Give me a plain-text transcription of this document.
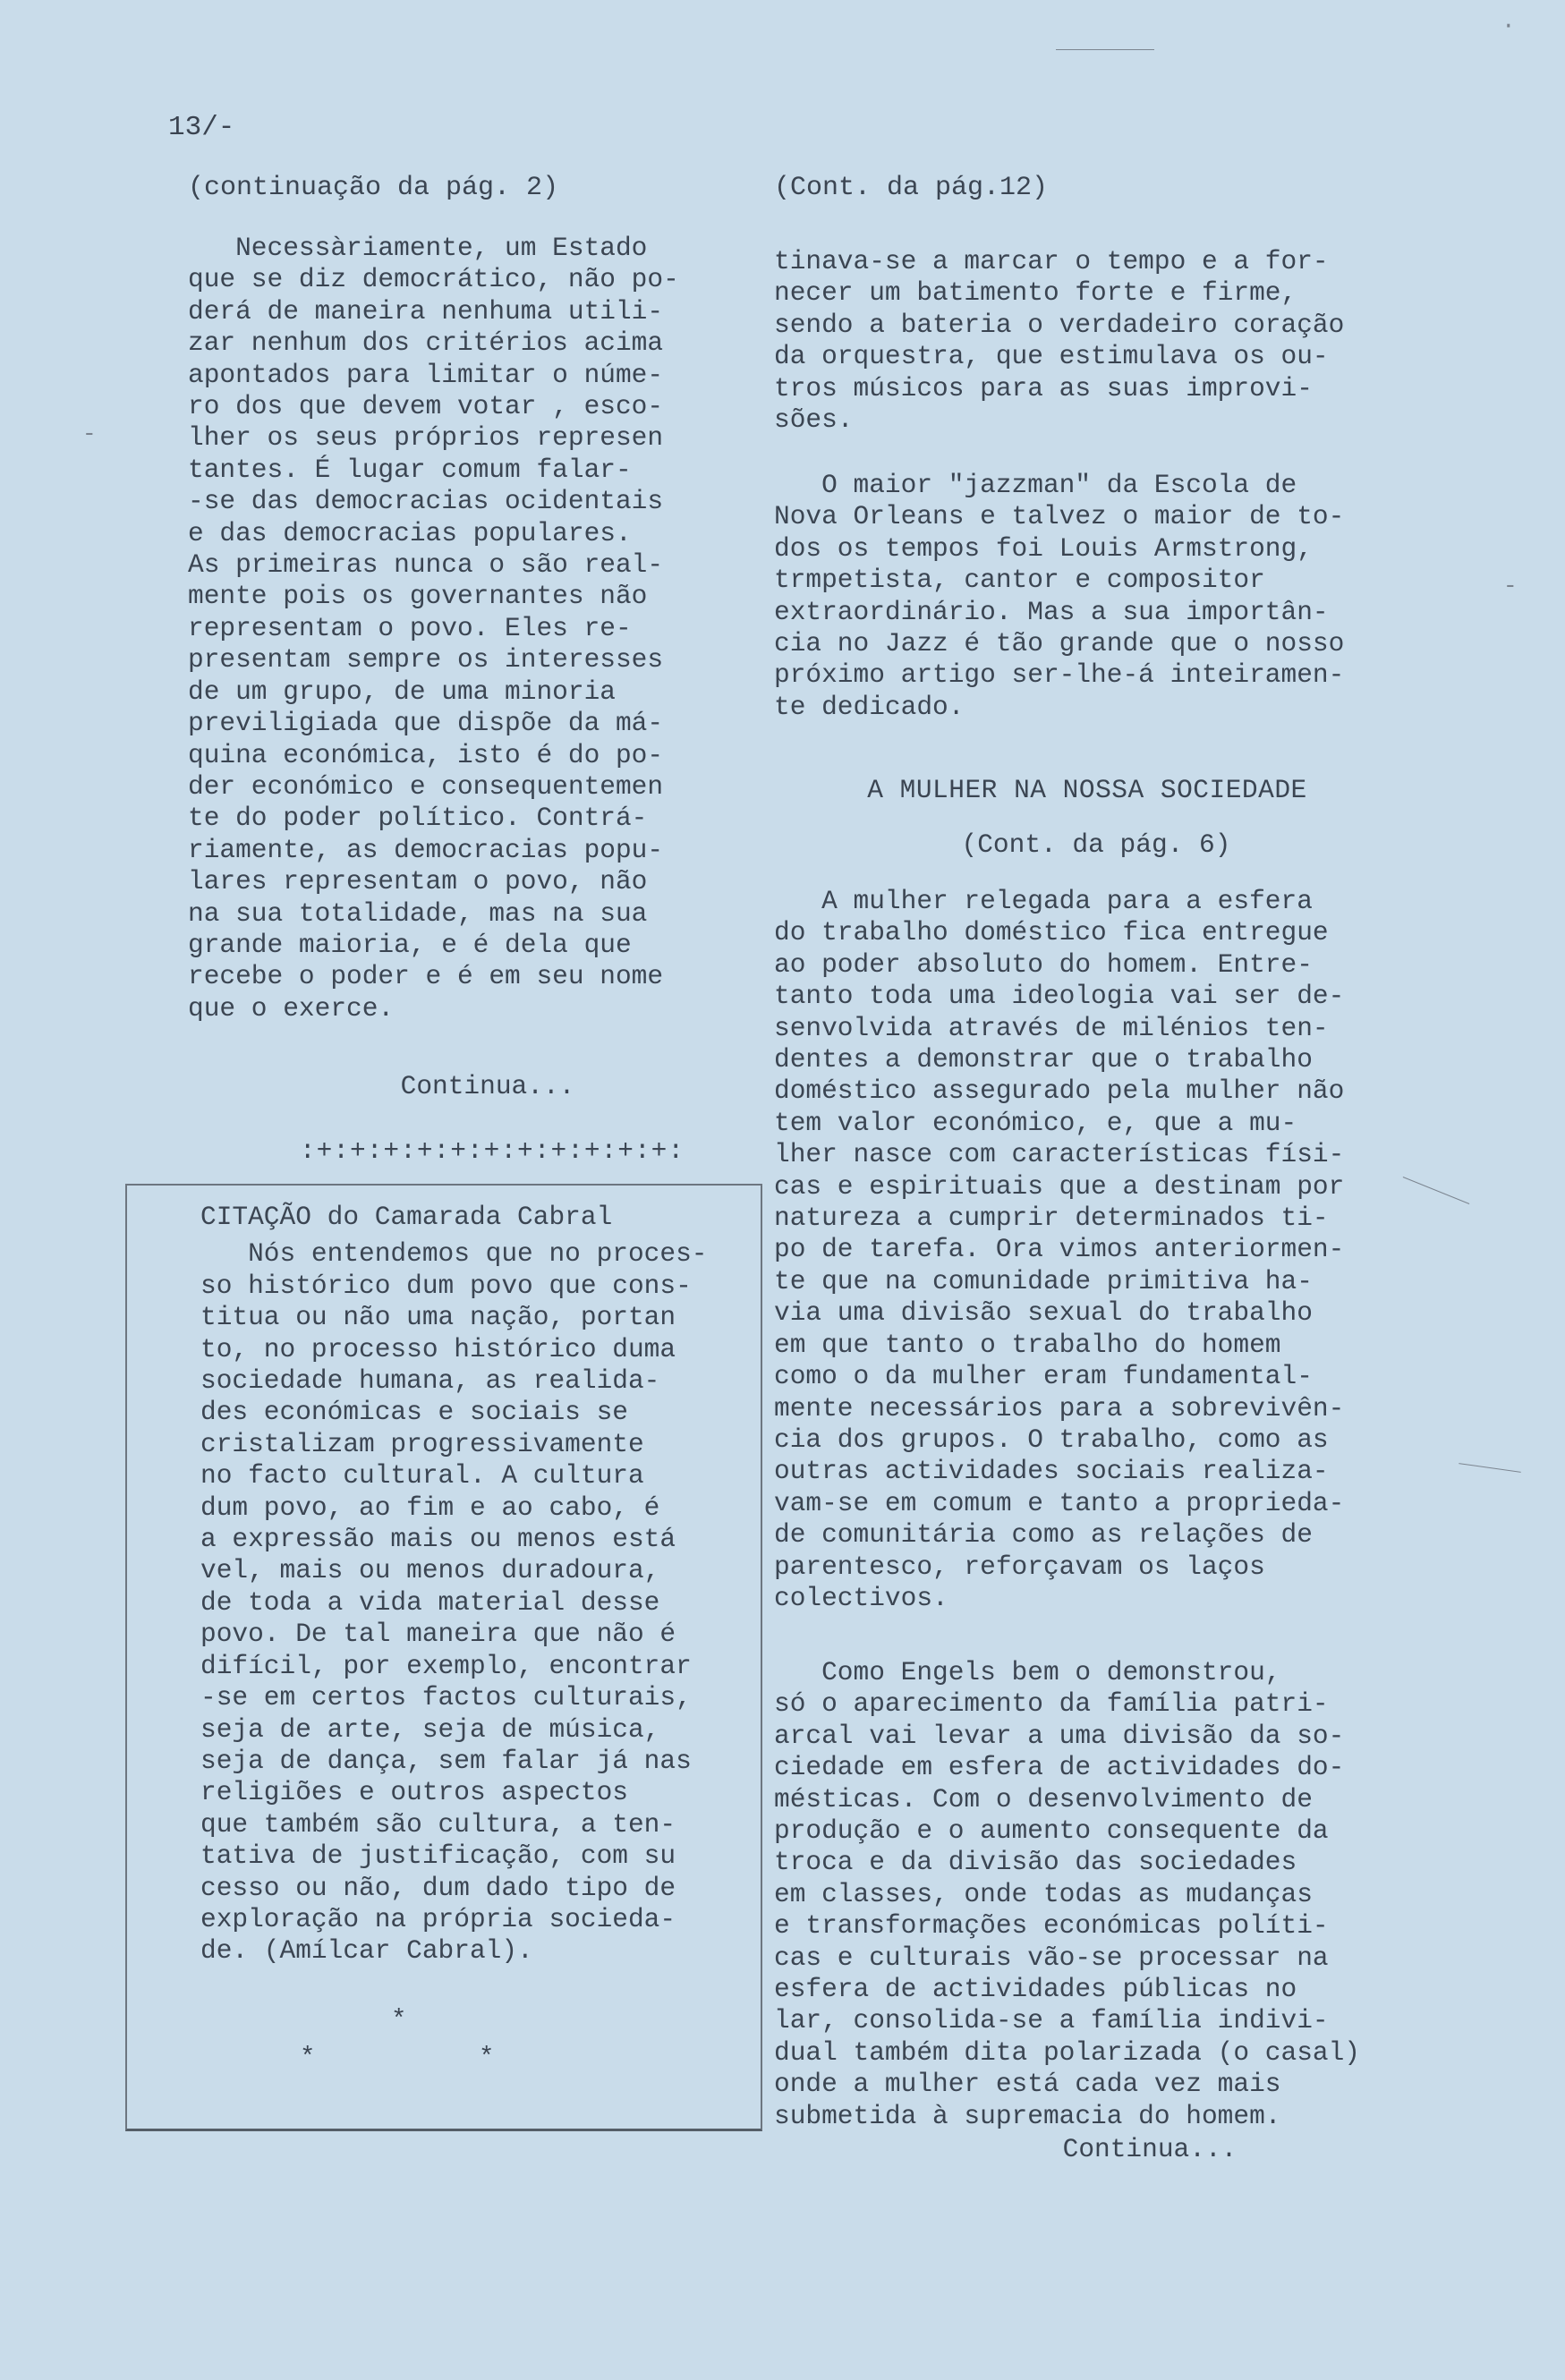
13/-
(continuação da pág. 2)
Necessàriamente, um Estado
que se diz democrático, não po-
derá de maneira nenhuma utili-
zar nenhum dos critérios acima
apontados para limitar o núme-
ro dos que devem votar , esco-
lher os seus próprios represen
tantes. É lugar comum falar-
-se das democracias ocidentais
e das democracias populares.
As primeiras nunca o são real-
mente pois os governantes não
representam o povo. Eles re-
presentam sempre os interesses
de um grupo, de uma minoria
previligiada que dispõe da má-
quina económica, isto é do po-
der económico e consequentemen
te do poder político. Contrá-
riamente, as democracias popu-
lares representam o povo, não
na sua totalidade, mas na sua
grande maioria, e é dela que
recebe o poder e é em seu nome
que o exerce.
Continua...
:+:+:+:+:+:+:+:+:+:+:+:
CITAÇÃO do Camarada Cabral
Nós entendemos que no proces-
so histórico dum povo que cons-
titua ou não uma nação, portan
to, no processo histórico duma
sociedade humana, as realida-
des económicas e sociais se
cristalizam progressivamente
no facto cultural. A cultura
dum povo, ao fim e ao cabo, é
a expressão mais ou menos está
vel, mais ou menos duradoura,
de toda a vida material desse
povo. De tal maneira que não é
difícil, por exemplo, encontrar
-se em certos factos culturais,
seja de arte, seja de música,
seja de dança, sem falar já nas
religiões e outros aspectos
que também são cultura, a ten-
tativa de justificação, com su
cesso ou não, dum dado tipo de
exploração na própria socieda-
de. (Amílcar Cabral).
*
*	*
(Cont. da pág.12)
tinava-se a marcar o tempo e a for-
necer um batimento forte e firme,
sendo a bateria o verdadeiro coração
da orquestra, que estimulava os ou-
tros músicos para as suas improvi-
sões.
O maior "jazzman" da Escola de
Nova Orleans e talvez o maior de to-
dos os tempos foi Louis Armstrong,
trmpetista, cantor e compositor
extraordinário. Mas a sua importân-
cia no Jazz é tão grande que o nosso
próximo artigo ser-lhe-á inteiramen-
te dedicado.
A MULHER NA NOSSA SOCIEDADE
(Cont. da pág. 6)
A mulher relegada para a esfera
do trabalho doméstico fica entregue
ao poder absoluto do homem. Entre-
tanto toda uma ideologia vai ser de-
senvolvida através de milénios ten-
dentes a demonstrar que o trabalho
doméstico assegurado pela mulher não
tem valor económico, e, que a mu-
lher nasce com características físi-
cas e espirituais que a destinam por
natureza a cumprir determinados ti-
po de tarefa. Ora vimos anteriormen-
te que na comunidade primitiva ha-
via uma divisão sexual do trabalho
em que tanto o trabalho do homem
como o da mulher eram fundamental-
mente necessários para a sobrevivên-
cia dos grupos. O trabalho, como as
outras actividades sociais realiza-
vam-se em comum e tanto a proprieda-
de comunitária como as relações de
parentesco, reforçavam os laços
colectivos.
Como Engels bem o demonstrou,
só o aparecimento da família patri-
arcal vai levar a uma divisão da so-
ciedade em esfera de actividades do-
mésticas. Com o desenvolvimento de
produção e o aumento consequente da
troca e da divisão das sociedades
em classes, onde todas as mudanças
e transformações económicas políti-
cas e culturais vão-se processar na
esfera de actividades públicas no
lar, consolida-se a família indivi-
dual também dita polarizada (o casal)
onde a mulher está cada vez mais
submetida à supremacia do homem.
Continua...
·
-
-
